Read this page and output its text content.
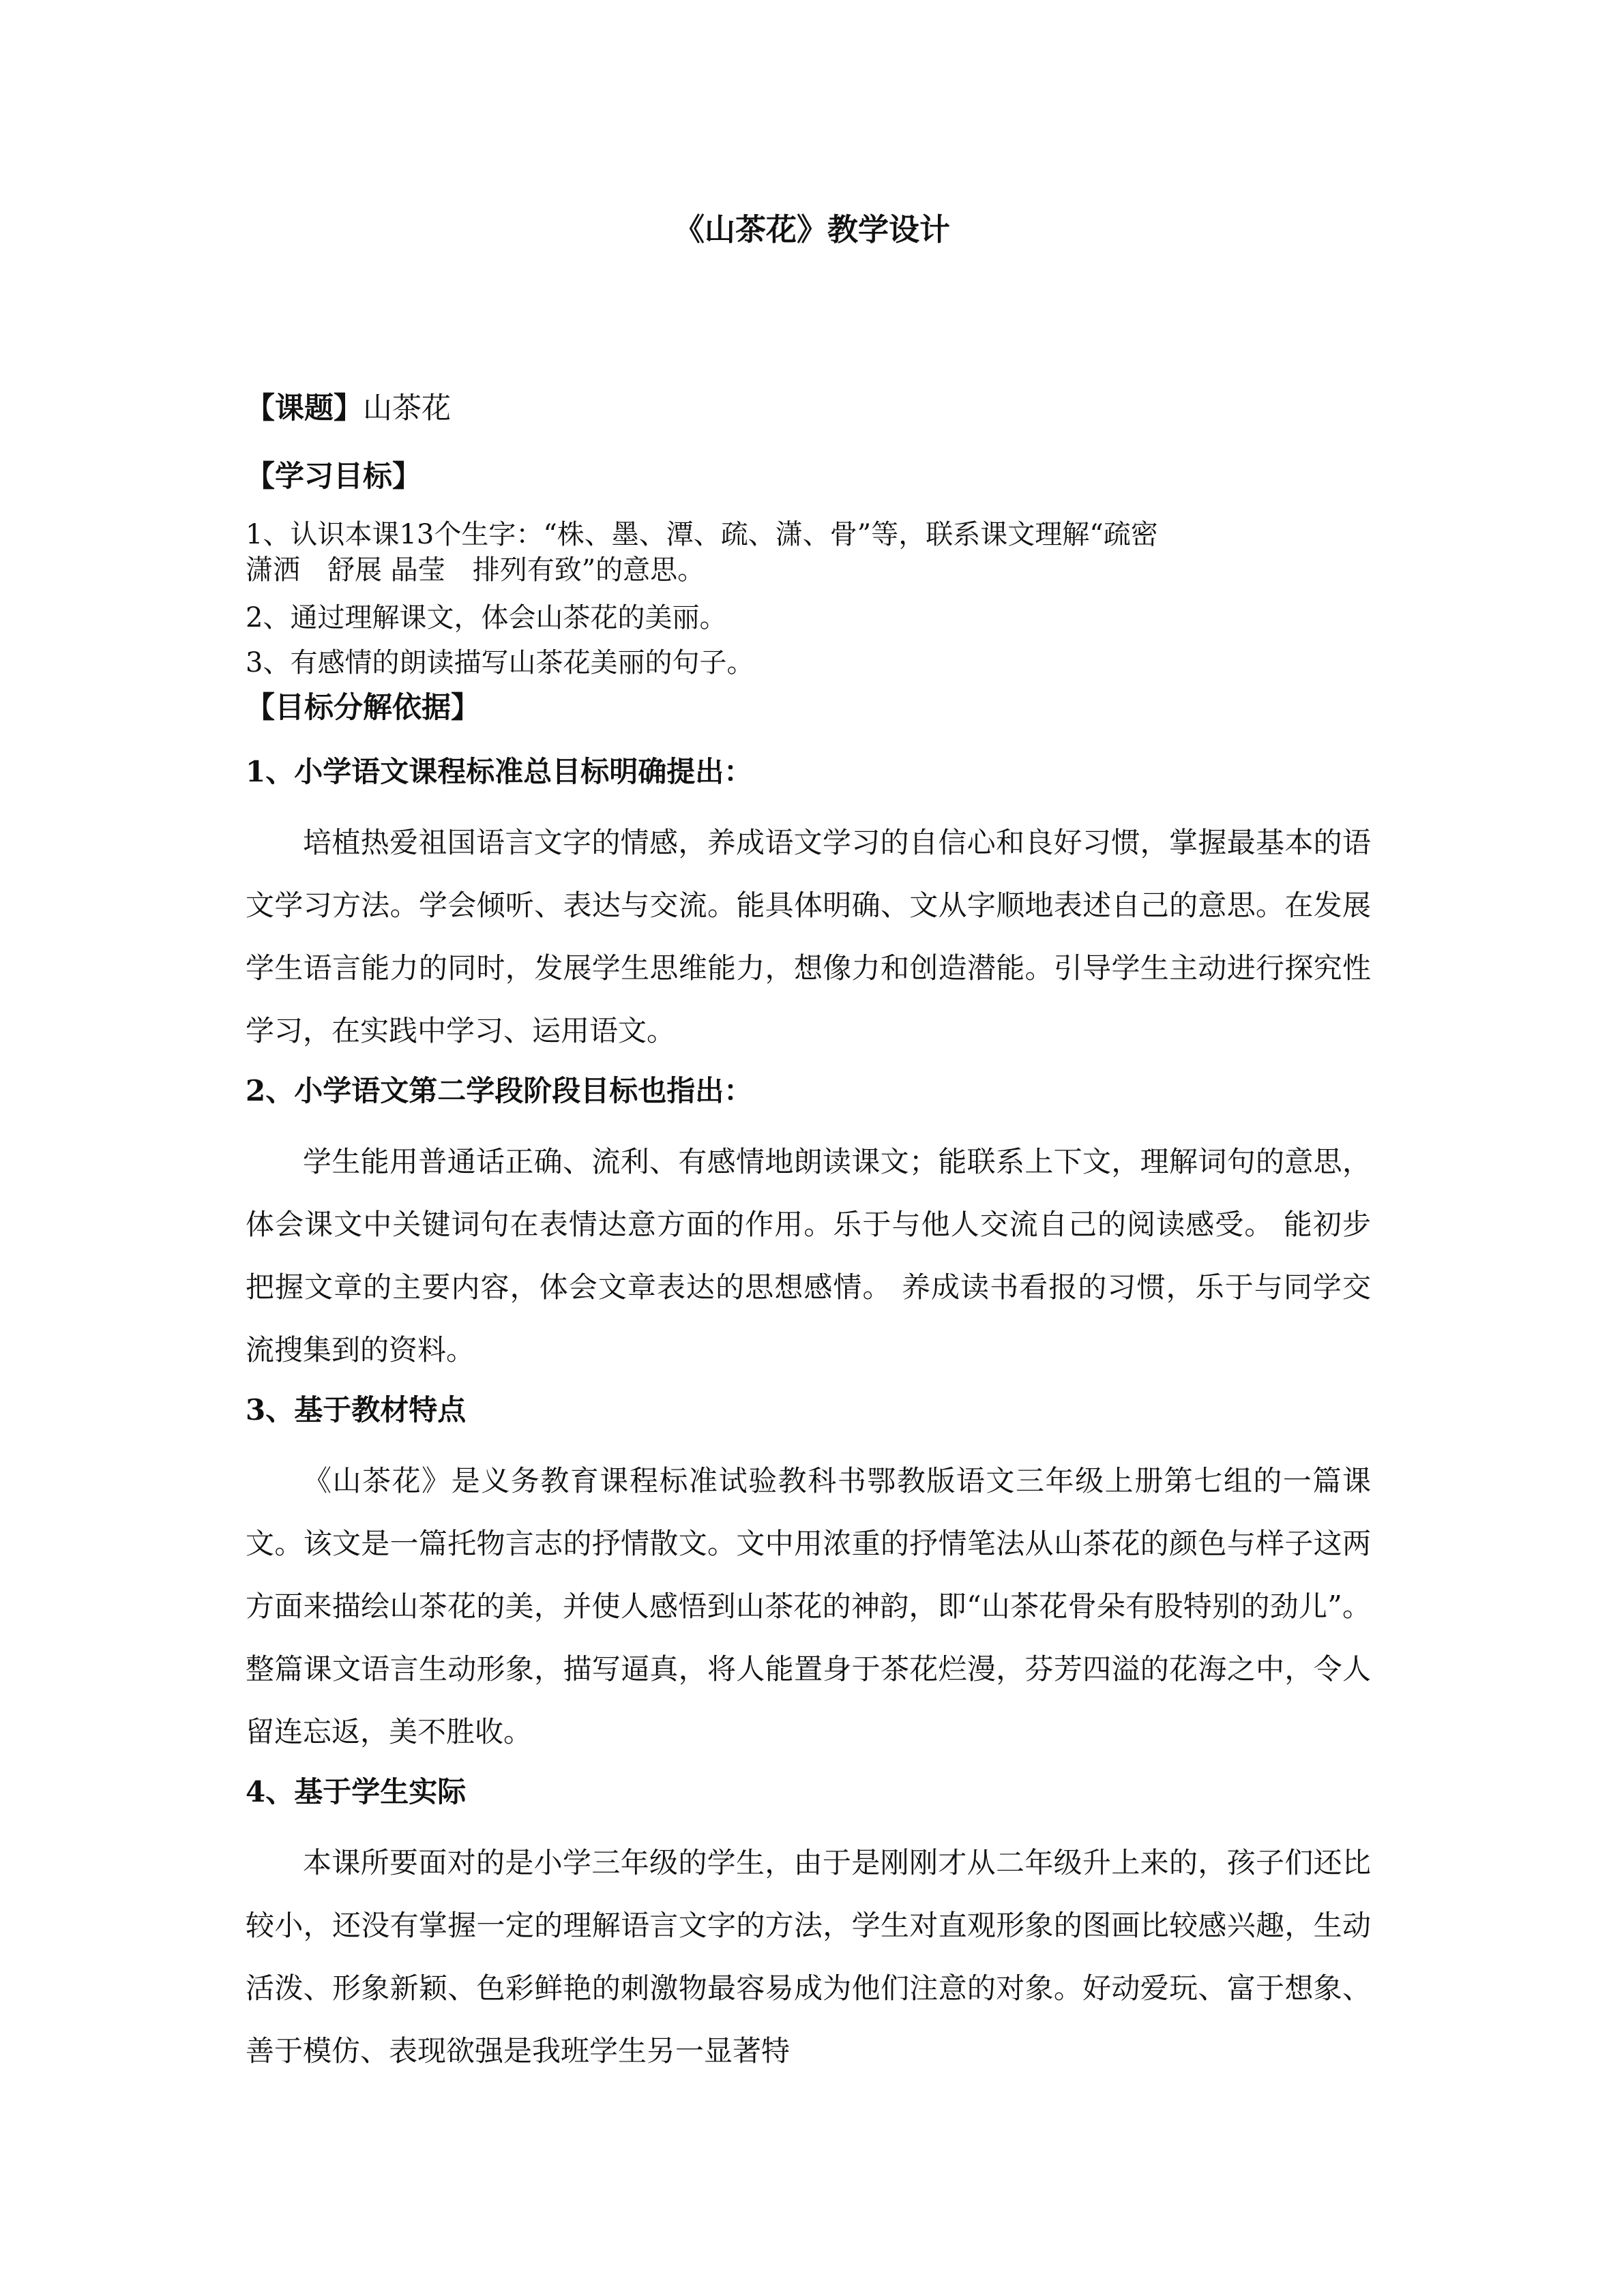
《山茶花》教学设计
【课题】山茶花
【学习目标】
1、认识本课13个生字：“株、墨、潭、疏、潇、骨”等，联系课文理解“疏密
潇洒　舒展 晶莹　排列有致”的意思。
2、通过理解课文，体会山茶花的美丽。
3、有感情的朗读描写山茶花美丽的句子。
【目标分解依据】
1、小学语文课程标准总目标明确提出：
培植热爱祖国语言文字的情感，养成语文学习的自信心和良好习惯，掌握最基本的语文学习方法。学会倾听、表达与交流。能具体明确、文从字顺地表述自己的意思。在发展学生语言能力的同时，发展学生思维能力，想像力和创造潜能。引导学生主动进行探究性学习，在实践中学习、运用语文。
2、小学语文第二学段阶段目标也指出：
学生能用普通话正确、流利、有感情地朗读课文；能联系上下文，理解词句的意思，体会课文中关键词句在表情达意方面的作用。乐于与他人交流自己的阅读感受。 能初步把握文章的主要内容，体会文章表达的思想感情。 养成读书看报的习惯，乐于与同学交流搜集到的资料。
3、基于教材特点
《山茶花》是义务教育课程标准试验教科书鄂教版语文三年级上册第七组的一篇课文。该文是一篇托物言志的抒情散文。文中用浓重的抒情笔法从山茶花的颜色与样子这两方面来描绘山茶花的美，并使人感悟到山茶花的神韵，即“山茶花骨朵有股特别的劲儿”。整篇课文语言生动形象，描写逼真，将人能置身于茶花烂漫，芬芳四溢的花海之中，令人留连忘返，美不胜收。
4、基于学生实际
本课所要面对的是小学三年级的学生，由于是刚刚才从二年级升上来的，孩子们还比较小，还没有掌握一定的理解语言文字的方法，学生对直观形象的图画比较感兴趣，生动活泼、形象新颖、色彩鲜艳的刺激物最容易成为他们注意的对象。好动爱玩、富于想象、善于模仿、表现欲强是我班学生另一显著特
